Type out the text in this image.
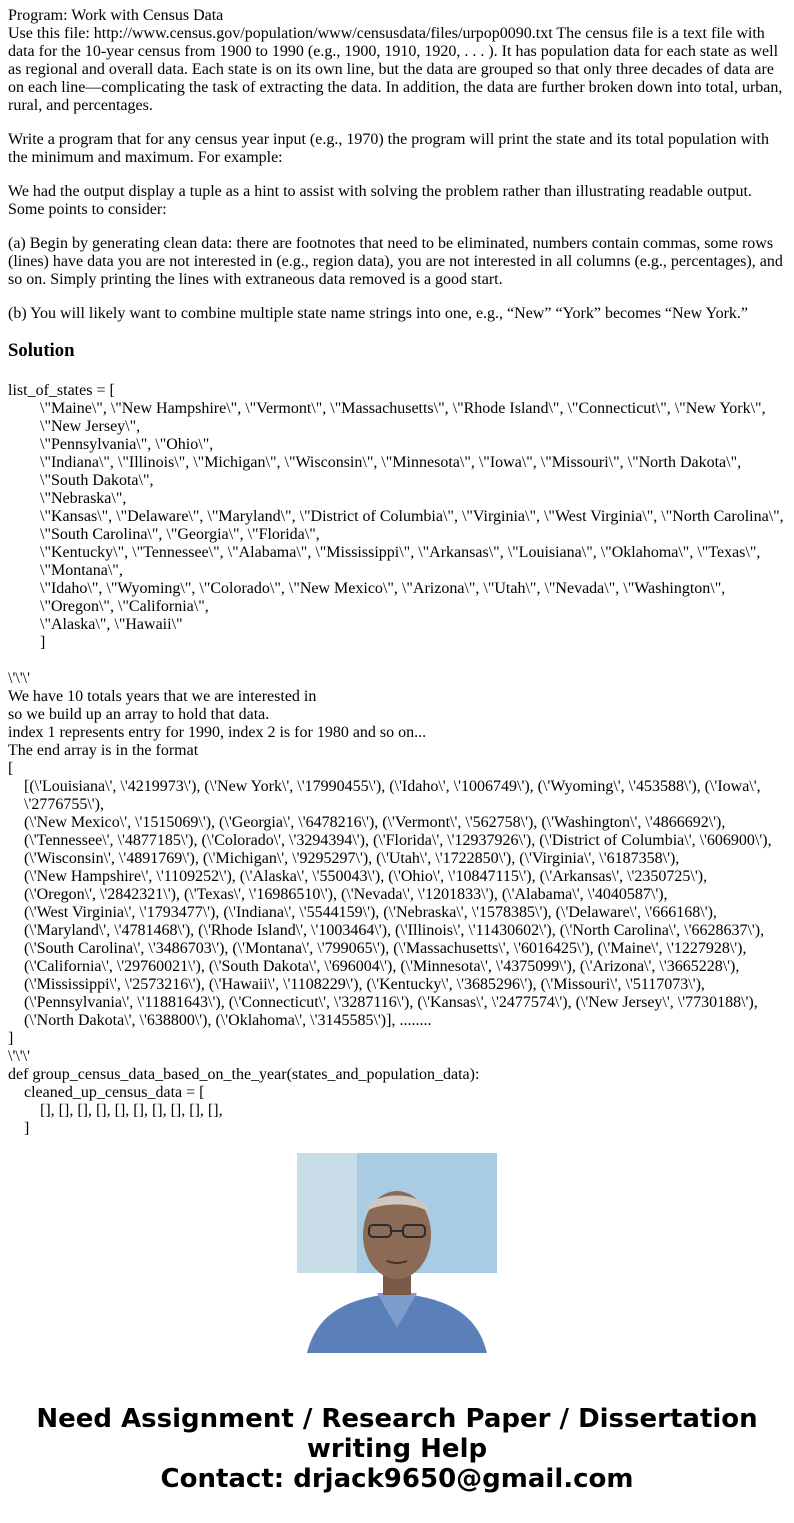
Program: Work with Census Data
Use this file: http://www.census.gov/population/www/censusdata/files/urpop0090.txt The census file is a text file with data for the 10-year census from 1900 to 1990 (e.g., 1900, 1910, 1920, . . . ). It has population data for each state as well as regional and overall data. Each state is on its own line, but the data are grouped so that only three decades of data are on each line—complicating the task of extracting the data. In addition, the data are further broken down into total, urban, rural, and percentages.

Write a program that for any census year input (e.g., 1970) the program will print the state and its total population with the minimum and maximum. For example:

We had the output display a tuple as a hint to assist with solving the problem rather than illustrating readable output. Some points to consider:

(a) Begin by generating clean data: there are footnotes that need to be eliminated, numbers contain commas, some rows (lines) have data you are not interested in (e.g., region data), you are not interested in all columns (e.g., percentages), and so on. Simply printing the lines with extraneous data removed is a good start.

(b) You will likely want to combine multiple state name strings into one, e.g., “New” “York” becomes “New York.”

Solution
list_of_states = [
\"Maine\", \"New Hampshire\", \"Vermont\", \"Massachusetts\", \"Rhode Island\", \"Connecticut\", \"New York\", \"New Jersey\",
\"Pennsylvania\", \"Ohio\",
\"Indiana\", \"Illinois\", \"Michigan\", \"Wisconsin\", \"Minnesota\", \"Iowa\", \"Missouri\", \"North Dakota\", \"South Dakota\",
\"Nebraska\",
\"Kansas\", \"Delaware\", \"Maryland\", \"District of Columbia\", \"Virginia\", \"West Virginia\", \"North Carolina\",
\"South Carolina\", \"Georgia\", \"Florida\",
\"Kentucky\", \"Tennessee\", \"Alabama\", \"Mississippi\", \"Arkansas\", \"Louisiana\", \"Oklahoma\", \"Texas\", \"Montana\",
\"Idaho\", \"Wyoming\", \"Colorado\", \"New Mexico\", \"Arizona\", \"Utah\", \"Nevada\", \"Washington\", \"Oregon\", \"California\",
\"Alaska\", \"Hawaii\"
]
\'\'\'
We have 10 totals years that we are interested in
so we build up an array to hold that data.
index 1 represents entry for 1990, index 2 is for 1980 and so on...
The end array is in the format
[
[(\'Louisiana\', \'4219973\'), (\'New York\', \'17990455\'), (\'Idaho\', \'1006749\'), (\'Wyoming\', \'453588\'), (\'Iowa\', \'2776755\'),
(\'New Mexico\', \'1515069\'), (\'Georgia\', \'6478216\'), (\'Vermont\', \'562758\'), (\'Washington\', \'4866692\'),
(\'Tennessee\', \'4877185\'), (\'Colorado\', \'3294394\'), (\'Florida\', \'12937926\'), (\'District of Columbia\', \'606900\'),
(\'Wisconsin\', \'4891769\'), (\'Michigan\', \'9295297\'), (\'Utah\', \'1722850\'), (\'Virginia\', \'6187358\'),
(\'New Hampshire\', \'1109252\'), (\'Alaska\', \'550043\'), (\'Ohio\', \'10847115\'), (\'Arkansas\', \'2350725\'),
(\'Oregon\', \'2842321\'), (\'Texas\', \'16986510\'), (\'Nevada\', \'1201833\'), (\'Alabama\', \'4040587\'),
(\'West Virginia\', \'1793477\'), (\'Indiana\', \'5544159\'), (\'Nebraska\', \'1578385\'), (\'Delaware\', \'666168\'),
(\'Maryland\', \'4781468\'), (\'Rhode Island\', \'1003464\'), (\'Illinois\', \'11430602\'), (\'North Carolina\', \'6628637\'),
(\'South Carolina\', \'3486703\'), (\'Montana\', \'799065\'), (\'Massachusetts\', \'6016425\'), (\'Maine\', \'1227928\'),
(\'California\', \'29760021\'), (\'South Dakota\', \'696004\'), (\'Minnesota\', \'4375099\'), (\'Arizona\', \'3665228\'),
(\'Mississippi\', \'2573216\'), (\'Hawaii\', \'1108229\'), (\'Kentucky\', \'3685296\'), (\'Missouri\', \'5117073\'),
(\'Pennsylvania\', \'11881643\'), (\'Connecticut\', \'3287116\'), (\'Kansas\', \'2477574\'), (\'New Jersey\', \'7730188\'),
(\'North Dakota\', \'638800\'), (\'Oklahoma\', \'3145585\')], ........
]
\'\'\'
def group_census_data_based_on_the_year(states_and_population_data):
cleaned_up_census_data = [
[], [], [], [], [], [], [], [], [], [],
]
Need Assignment / Research Paper / Dissertation
writing Help
Contact: drjack9650@gmail.com
